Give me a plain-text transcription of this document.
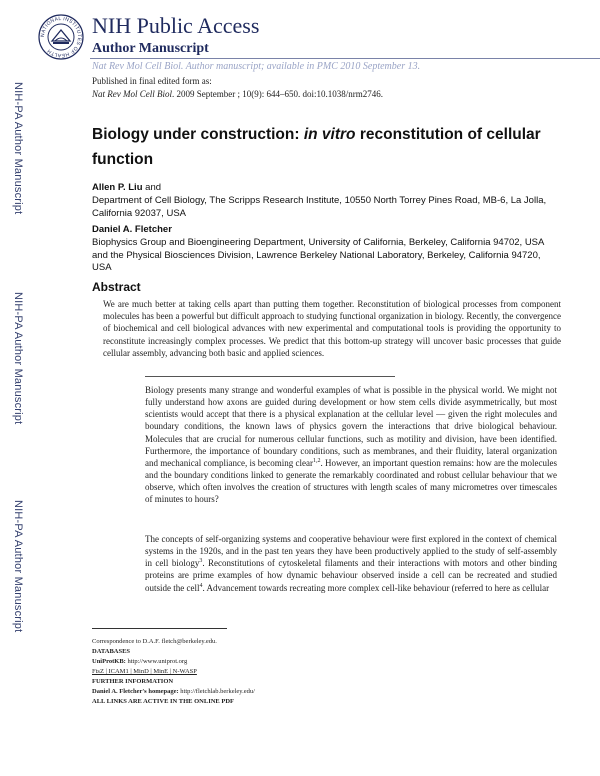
NATIONAL INSTITUTES OF HEALTH
NIH Public Access
Author Manuscript
Nat Rev Mol Cell Biol. Author manuscript; available in PMC 2010 September 13.
Published in final edited form as:
Nat Rev Mol Cell Biol. 2009 September ; 10(9): 644–650. doi:10.1038/nrm2746.
NIH-PA Author Manuscript
NIH-PA Author Manuscript
NIH-PA Author Manuscript
Biology under construction: in vitro reconstitution of cellular function
Allen P. Liu and
Department of Cell Biology, The Scripps Research Institute, 10550 North Torrey Pines Road, MB-6, La Jolla, California 92037, USA
Daniel A. Fletcher
Biophysics Group and Bioengineering Department, University of California, Berkeley, California 94702, USA and the Physical Biosciences Division, Lawrence Berkeley National Laboratory, Berkeley, California 94720, USA
Abstract
We are much better at taking cells apart than putting them together. Reconstitution of biological processes from component molecules has been a powerful but difficult approach to studying functional organization in biology. Recently, the convergence of biochemical and cell biological advances with new experimental and computational tools is providing the opportunity to reconstitute increasingly complex processes. We predict that this bottom-up strategy will uncover basic processes that guide cellular assembly, advancing both basic and applied sciences.
Biology presents many strange and wonderful examples of what is possible in the physical world. We might not fully understand how axons are guided during development or how stem cells divide asymmetrically, but most scientists would accept that there is a physical explanation at the cellular level — given the right molecules and boundary conditions, the known laws of physics govern the interactions that drive biological behaviour. Molecules that are crucial for numerous cellular functions, such as motility and division, have been identified. Furthermore, the importance of boundary conditions, such as membranes, and their fluidity, lateral organization and mechanical compliance, is becoming clear$^{1,2}$. However, an important question remains: how are the molecules and the boundary conditions linked to generate the remarkably coordinated and robust cellular behaviour that we observe, which often involves the creation of structures with length scales of many micrometres over timescales of minutes to hours?
The concepts of self-organizing systems and cooperative behaviour were first explored in the context of chemical systems in the 1920s, and in the past ten years they have been productively applied to the study of self-assembly in cell biology$^3$. Reconstitutions of cytoskeletal filaments and their interactions with motors and other binding proteins are prime examples of how dynamic behaviour observed inside a cell can be recreated and studied outside the cell$^4$. Advancement towards recreating more complex cell-like behaviour (referred to here as cellular
Correspondence to D.A.F. fletch@berkeley.edu.
DATABASES
UniProtKB: http://www.uniprot.org
FtsZ | ICAM1 | MinD | MinE | N-WASP
FURTHER INFORMATION
Daniel A. Fletcher's homepage: http://fletchlab.berkeley.edu/
ALL LINKS ARE ACTIVE IN THE ONLINE PDF
